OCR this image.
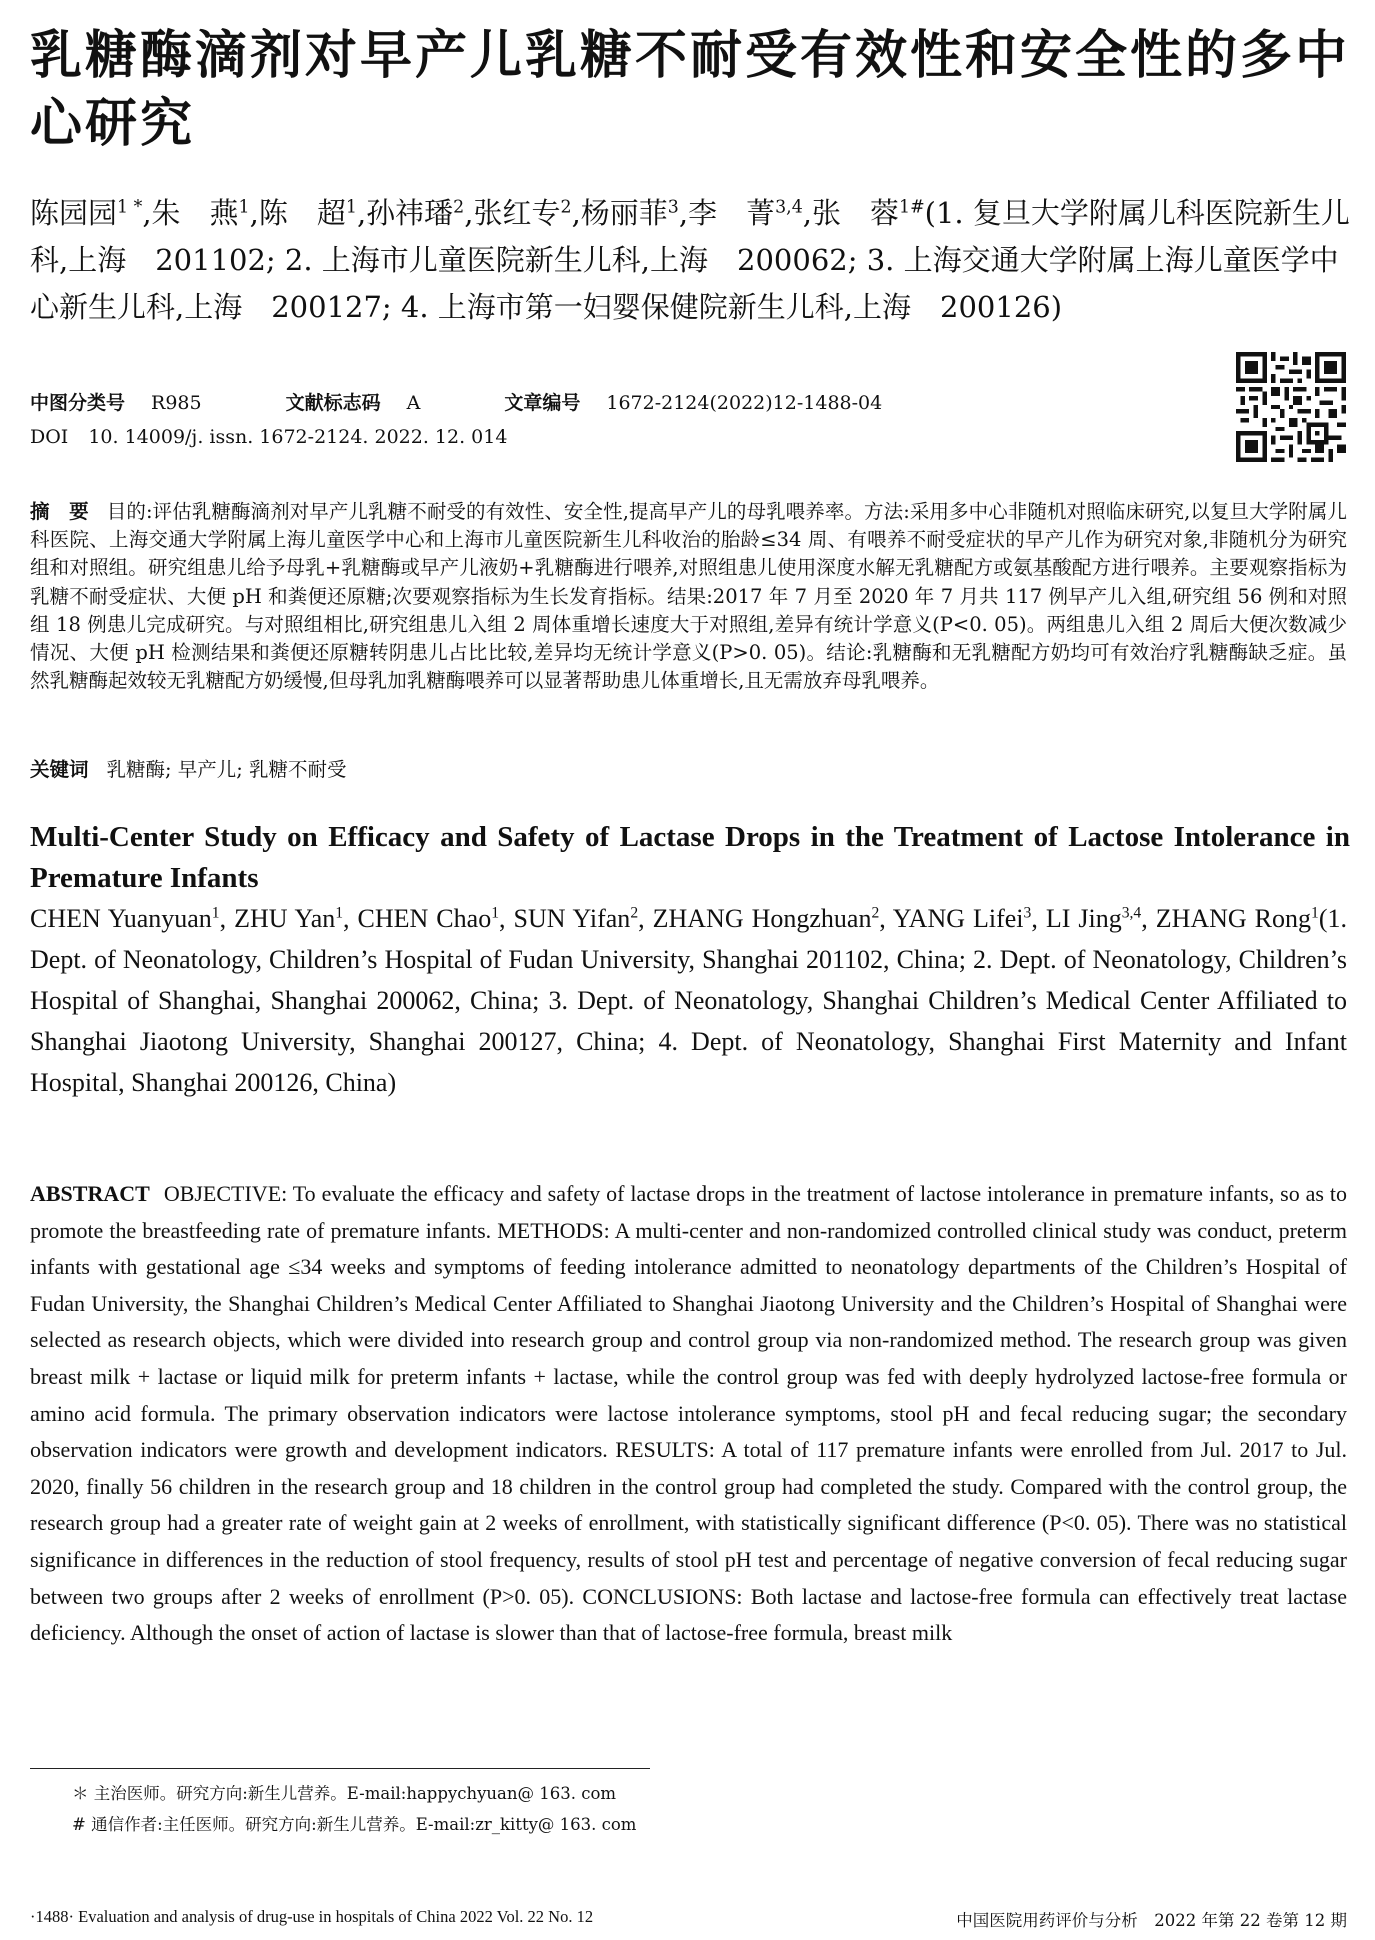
乳糖酶滴剂对早产儿乳糖不耐受有效性和安全性的多中心研究
陈园园$^{1 *}$,朱　燕$^1$,陈　超$^1$,孙祎璠$^2$,张红专$^2$,杨丽菲$^3$,李　菁$^{3,4}$,张　蓉$^{1\#}$(1. 复旦大学附属儿科医院新生儿科,上海　201102; 2. 上海市儿童医院新生儿科,上海　200062; 3. 上海交通大学附属上海儿童医学中心新生儿科,上海　200127; 4. 上海市第一妇婴保健院新生儿科,上海　200126)
中图分类号 R985	文献标志码 A	文章编号 1672-2124(2022)12-1488-04
DOI 10. 14009/j. issn. 1672-2124. 2022. 12. 014
摘　要 目的:评估乳糖酶滴剂对早产儿乳糖不耐受的有效性、安全性,提高早产儿的母乳喂养率。方法:采用多中心非随机对照临床研究,以复旦大学附属儿科医院、上海交通大学附属上海儿童医学中心和上海市儿童医院新生儿科收治的胎龄≤34 周、有喂养不耐受症状的早产儿作为研究对象,非随机分为研究组和对照组。研究组患儿给予母乳+乳糖酶或早产儿液奶+乳糖酶进行喂养,对照组患儿使用深度水解无乳糖配方或氨基酸配方进行喂养。主要观察指标为乳糖不耐受症状、大便 pH 和粪便还原糖;次要观察指标为生长发育指标。结果:2017 年 7 月至 2020 年 7 月共 117 例早产儿入组,研究组 56 例和对照组 18 例患儿完成研究。与对照组相比,研究组患儿入组 2 周体重增长速度大于对照组,差异有统计学意义(P<0. 05)。两组患儿入组 2 周后大便次数减少情况、大便 pH 检测结果和粪便还原糖转阴患儿占比比较,差异均无统计学意义(P>0. 05)。结论:乳糖酶和无乳糖配方奶均可有效治疗乳糖酶缺乏症。虽然乳糖酶起效较无乳糖配方奶缓慢,但母乳加乳糖酶喂养可以显著帮助患儿体重增长,且无需放弃母乳喂养。
关键词 乳糖酶; 早产儿; 乳糖不耐受
Multi-Center Study on Efficacy and Safety of Lactase Drops in the Treatment of Lactose Intolerance in Premature Infants
CHEN Yuanyuan$^1$, ZHU Yan$^1$, CHEN Chao$^1$, SUN Yifan$^2$, ZHANG Hongzhuan$^2$, YANG Lifei$^3$, LI Jing$^{3,4}$, ZHANG Rong$^1$(1. Dept. of Neonatology, Children’s Hospital of Fudan University, Shanghai 201102, China; 2. Dept. of Neonatology, Children’s Hospital of Shanghai, Shanghai 200062, China; 3. Dept. of Neonatology, Shanghai Children’s Medical Center Affiliated to Shanghai Jiaotong University, Shanghai 200127, China; 4. Dept. of Neonatology, Shanghai First Maternity and Infant Hospital, Shanghai 200126, China)
ABSTRACT OBJECTIVE: To evaluate the efficacy and safety of lactase drops in the treatment of lactose intolerance in premature infants, so as to promote the breastfeeding rate of premature infants. METHODS: A multi-center and non-randomized controlled clinical study was conduct, preterm infants with gestational age ≤34 weeks and symptoms of feeding intolerance admitted to neonatology departments of the Children’s Hospital of Fudan University, the Shanghai Children’s Medical Center Affiliated to Shanghai Jiaotong University and the Children’s Hospital of Shanghai were selected as research objects, which were divided into research group and control group via non-randomized method. The research group was given breast milk + lactase or liquid milk for preterm infants + lactase, while the control group was fed with deeply hydrolyzed lactose-free formula or amino acid formula. The primary observation indicators were lactose intolerance symptoms, stool pH and fecal reducing sugar; the secondary observation indicators were growth and development indicators. RESULTS: A total of 117 premature infants were enrolled from Jul. 2017 to Jul. 2020, finally 56 children in the research group and 18 children in the control group had completed the study. Compared with the control group, the research group had a greater rate of weight gain at 2 weeks of enrollment, with statistically significant difference (P<0. 05). There was no statistical significance in differences in the reduction of stool frequency, results of stool pH test and percentage of negative conversion of fecal reducing sugar between two groups after 2 weeks of enrollment (P>0. 05). CONCLUSIONS: Both lactase and lactose-free formula can effectively treat lactase deficiency. Although the onset of action of lactase is slower than that of lactose-free formula, breast milk
＊ 主治医师。研究方向:新生儿营养。E-mail:happychyuan@ 163. com
# 通信作者:主任医师。研究方向:新生儿营养。E-mail:zr_kitty@ 163. com
·1488· Evaluation and analysis of drug-use in hospitals of China 2022 Vol. 22 No. 12	中国医院用药评价与分析　2022 年第 22 卷第 12 期
